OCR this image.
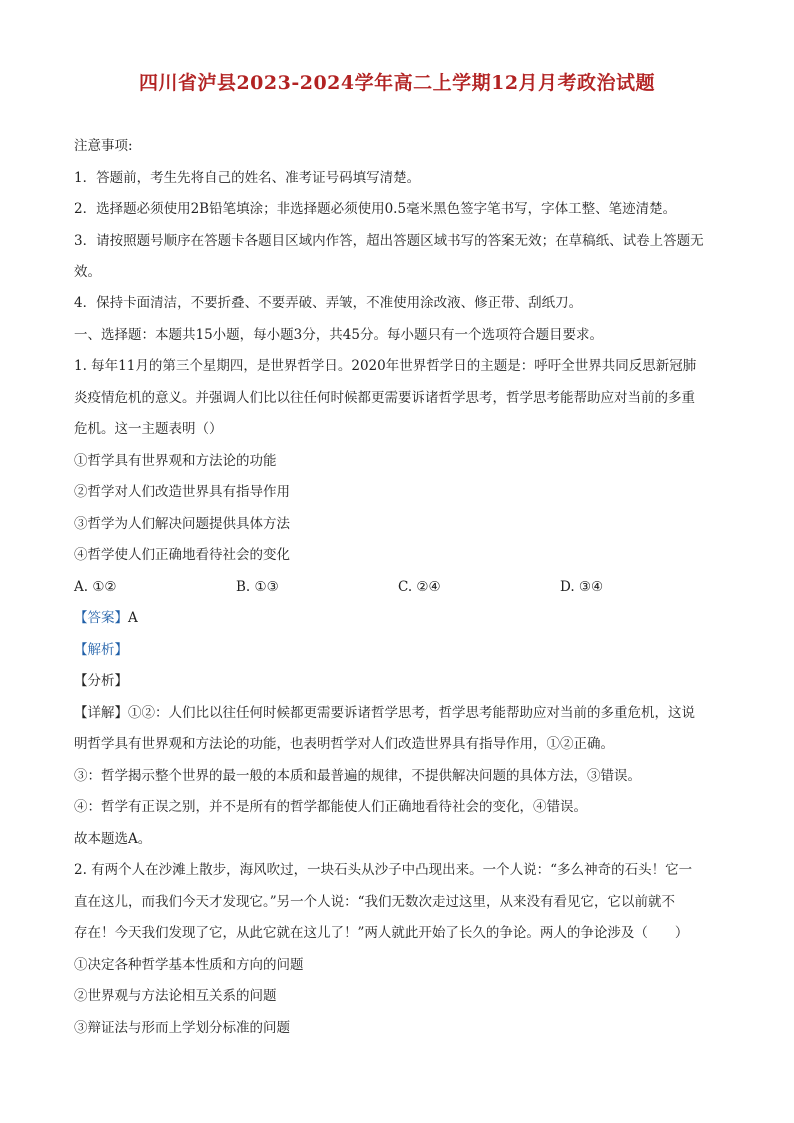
四川省泸县2023-2024学年高二上学期12月月考政治试题
注意事项:
1．答题前，考生先将自己的姓名、准考证号码填写清楚。
2．选择题必须使用2B铅笔填涂；非选择题必须使用0.5毫米黑色签字笔书写，字体工整、笔迹清楚。
3．请按照题号顺序在答题卡各题目区域内作答，超出答题区域书写的答案无效；在草稿纸、试卷上答题无
效。
4．保持卡面清洁，不要折叠、不要弄破、弄皱，不准使用涂改液、修正带、刮纸刀。
一、选择题：本题共15小题，每小题3分，共45分。每小题只有一个选项符合题目要求。
1. 每年11月的第三个星期四，是世界哲学日。2020年世界哲学日的主题是：呼吁全世界共同反思新冠肺
炎疫情危机的意义。并强调人们比以往任何时候都更需要诉诸哲学思考，哲学思考能帮助应对当前的多重
危机。这一主题表明（）
①哲学具有世界观和方法论的功能
②哲学对人们改造世界具有指导作用
③哲学为人们解决问题提供具体方法
④哲学使人们正确地看待社会的变化
A. ①②	B. ①③	C. ②④	D. ③④
【答案】A
【解析】
【分析】
【详解】①②：人们比以往任何时候都更需要诉诸哲学思考，哲学思考能帮助应对当前的多重危机，这说
明哲学具有世界观和方法论的功能，也表明哲学对人们改造世界具有指导作用，①②正确。
③：哲学揭示整个世界的最一般的本质和最普遍的规律，不提供解决问题的具体方法，③错误。
④：哲学有正误之别，并不是所有的哲学都能使人们正确地看待社会的变化，④错误。
故本题选A。
2. 有两个人在沙滩上散步，海风吹过，一块石头从沙子中凸现出来。一个人说：“多么神奇的石头！它一
直在这儿，而我们今天才发现它。”另一个人说：“我们无数次走过这里，从来没有看见它，它以前就不
存在！今天我们发现了它，从此它就在这儿了！”两人就此开始了长久的争论。两人的争论涉及（　　）
①决定各种哲学基本性质和方向的问题
②世界观与方法论相互关系的问题
③辩证法与形而上学划分标准的问题
